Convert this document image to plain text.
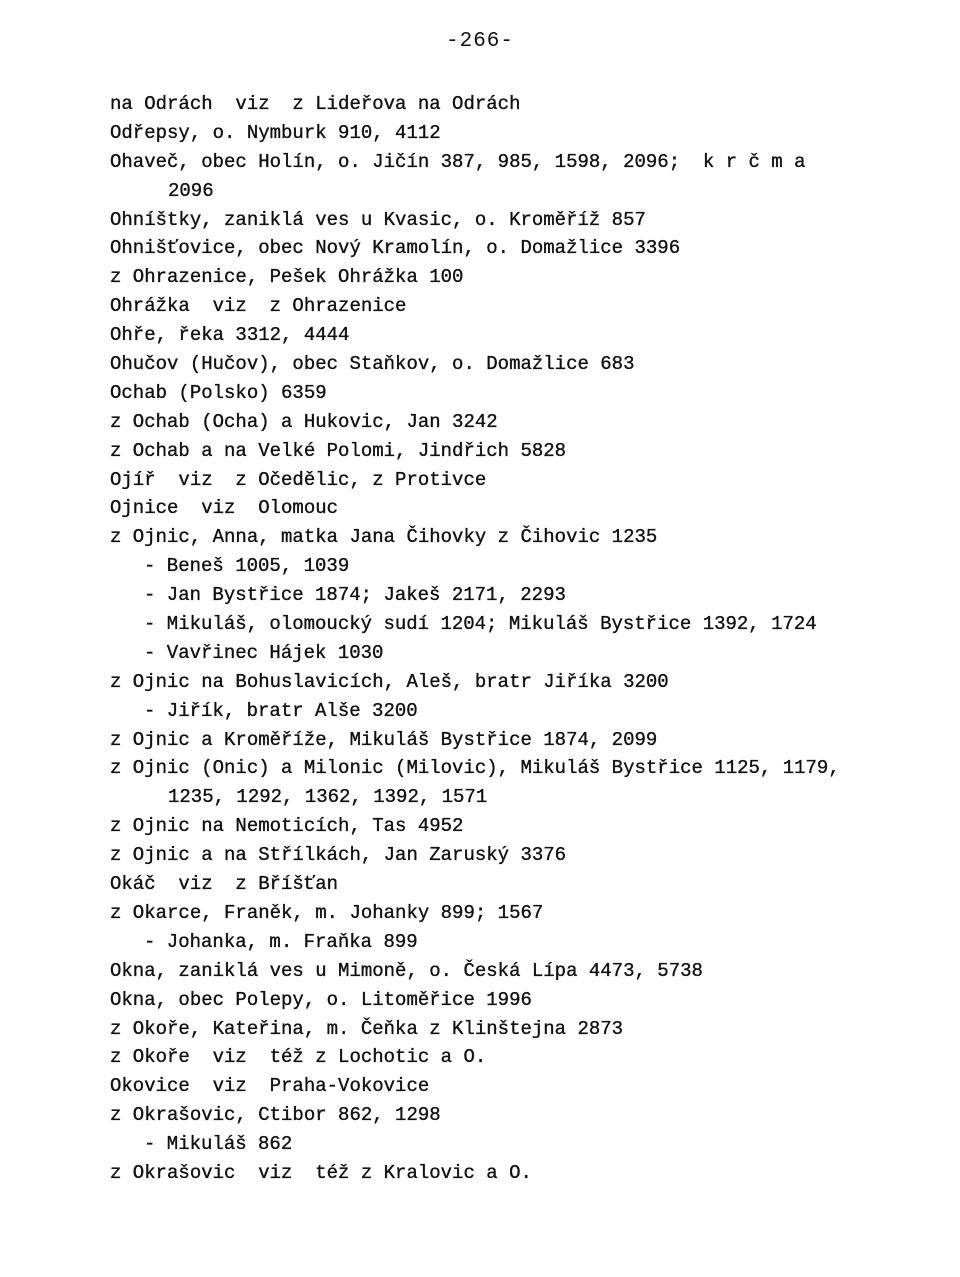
-266-
na Odrách  viz  z Lideřova na Odrách
Odřepsy, o. Nymburk 910, 4112
Ohaveč, obec Holín, o. Jičín 387, 985, 1598, 2096;  k r č m a
2096
Ohníštky, zaniklá ves u Kvasic, o. Kroměříž 857
Ohnišťovice, obec Nový Kramolín, o. Domažlice 3396
z Ohrazenice, Pešek Ohrážka 100
Ohrážka  viz  z Ohrazenice
Ohře, řeka 3312, 4444
Ohučov (Hučov), obec Staňkov, o. Domažlice 683
Ochab (Polsko) 6359
z Ochab (Ocha) a Hukovic, Jan 3242
z Ochab a na Velké Polomi, Jindřich 5828
Ojíř  viz  z Očedělic, z Protivce
Ojnice  viz  Olomouc
z Ojnic, Anna, matka Jana Čihovky z Čihovic 1235
- Beneš 1005, 1039
- Jan Bystřice 1874; Jakeš 2171, 2293
- Mikuláš, olomoucký sudí 1204; Mikuláš Bystřice 1392, 1724
- Vavřinec Hájek 1030
z Ojnic na Bohuslavicích, Aleš, bratr Jiříka 3200
- Jiřík, bratr Alše 3200
z Ojnic a Kroměříže, Mikuláš Bystřice 1874, 2099
z Ojnic (Onic) a Milonic (Milovic), Mikuláš Bystřice 1125, 1179,
1235, 1292, 1362, 1392, 1571
z Ojnic na Nemoticích, Tas 4952
z Ojnic a na Střílkách, Jan Zaruský 3376
Okáč  viz  z Bříšťan
z Okarce, Franěk, m. Johanky 899; 1567
- Johanka, m. Fraňka 899
Okna, zaniklá ves u Mimoně, o. Česká Lípa 4473, 5738
Okna, obec Polepy, o. Litoměřice 1996
z Okoře, Kateřina, m. Čeňka z Klinštejna 2873
z Okoře  viz  též z Lochotic a O.
Okovice  viz  Praha-Vokovice
z Okrašovic, Ctibor 862, 1298
- Mikuláš 862
z Okrašovic  viz  též z Kralovic a O.
